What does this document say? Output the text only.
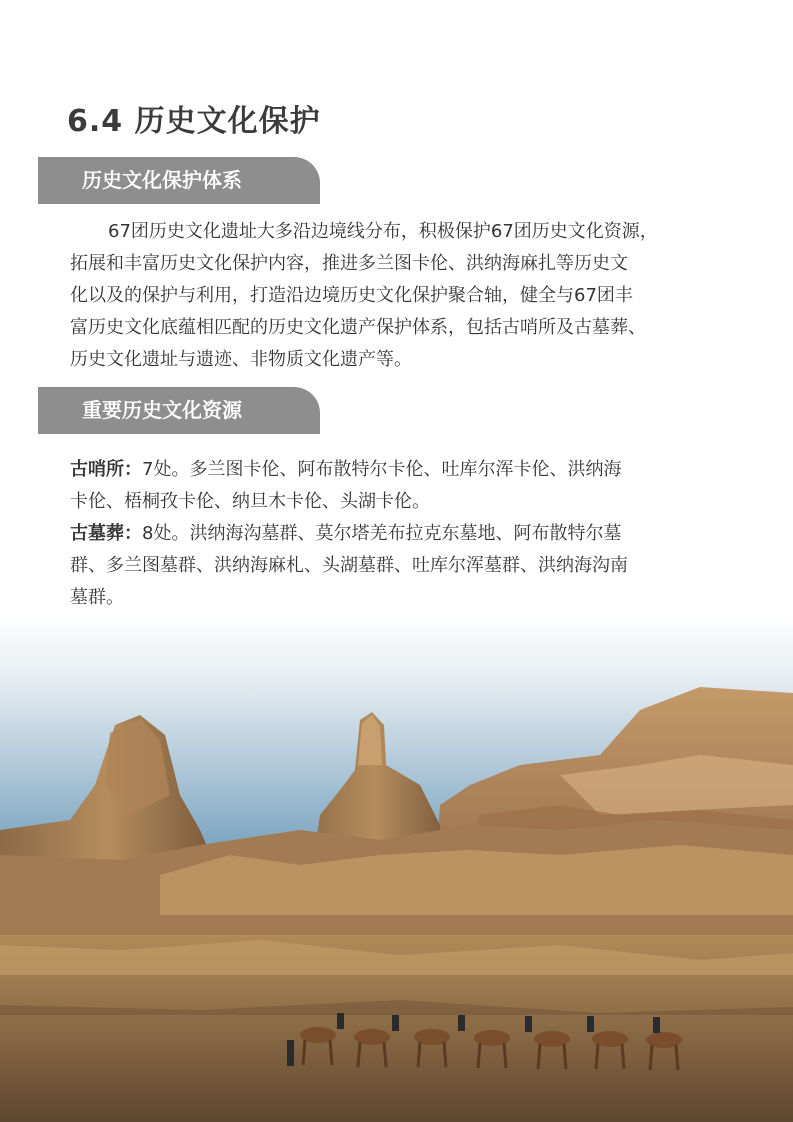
6.4 历史文化保护
历史文化保护体系
67团历史文化遗址大多沿边境线分布，积极保护67团历史文化资源，
拓展和丰富历史文化保护内容，推进多兰图卡伦、洪纳海麻扎等历史文
化以及的保护与利用，打造沿边境历史文化保护聚合轴，健全与67团丰
富历史文化底蕴相匹配的历史文化遗产保护体系，包括古哨所及古墓葬、
历史文化遗址与遗迹、非物质文化遗产等。
重要历史文化资源
古哨所：7处。多兰图卡伦、阿布散特尔卡伦、吐库尔浑卡伦、洪纳海
卡伦、梧桐孜卡伦、纳旦木卡伦、头湖卡伦。
古墓葬：8处。洪纳海沟墓群、莫尔塔羌布拉克东墓地、阿布散特尔墓
群、多兰图墓群、洪纳海麻札、头湖墓群、吐库尔浑墓群、洪纳海沟南
墓群。
